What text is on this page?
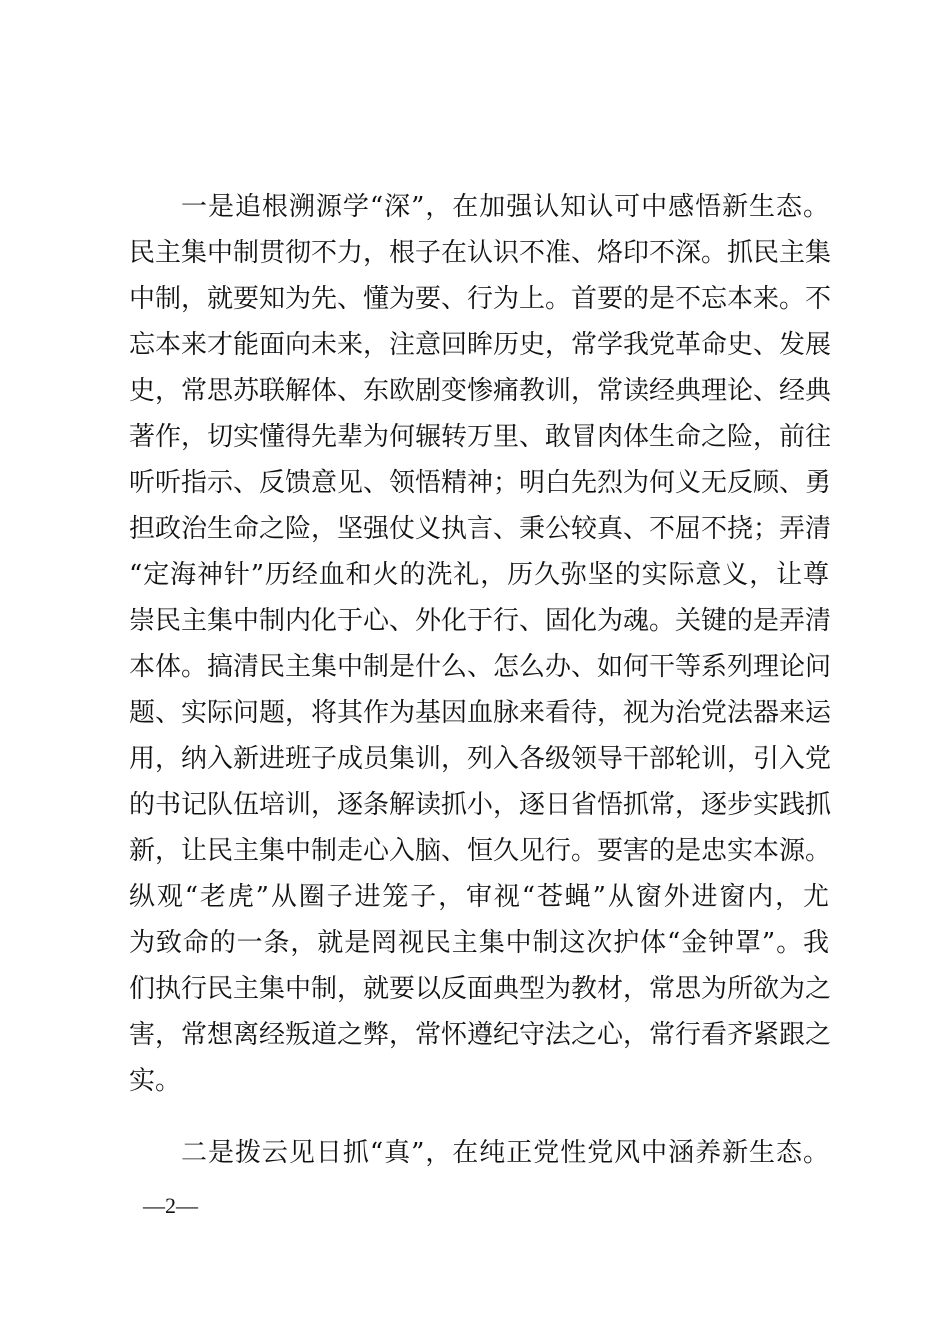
一是追根溯源学“深”，在加强认知认可中感悟新生态。
民主集中制贯彻不力，根子在认识不准、烙印不深。抓民主集
中制，就要知为先、懂为要、行为上。首要的是不忘本来。不
忘本来才能面向未来，注意回眸历史，常学我党革命史、发展
史，常思苏联解体、东欧剧变惨痛教训，常读经典理论、经典
著作，切实懂得先辈为何辗转万里、敢冒肉体生命之险，前往
听听指示、反馈意见、领悟精神；明白先烈为何义无反顾、勇
担政治生命之险，坚强仗义执言、秉公较真、不屈不挠；弄清
“定海神针”历经血和火的洗礼，历久弥坚的实际意义，让尊
崇民主集中制内化于心、外化于行、固化为魂。关键的是弄清
本体。搞清民主集中制是什么、怎么办、如何干等系列理论问
题、实际问题，将其作为基因血脉来看待，视为治党法器来运
用，纳入新进班子成员集训，列入各级领导干部轮训，引入党
的书记队伍培训，逐条解读抓小，逐日省悟抓常，逐步实践抓
新，让民主集中制走心入脑、恒久见行。要害的是忠实本源。
纵观“老虎”从圈子进笼子，审视“苍蝇”从窗外进窗内，尤
为致命的一条，就是罔视民主集中制这次护体“金钟罩”。我
们执行民主集中制，就要以反面典型为教材，常思为所欲为之
害，常想离经叛道之弊，常怀遵纪守法之心，常行看齐紧跟之
实。
二是拨云见日抓“真”，在纯正党性党风中涵养新生态。
—2—
